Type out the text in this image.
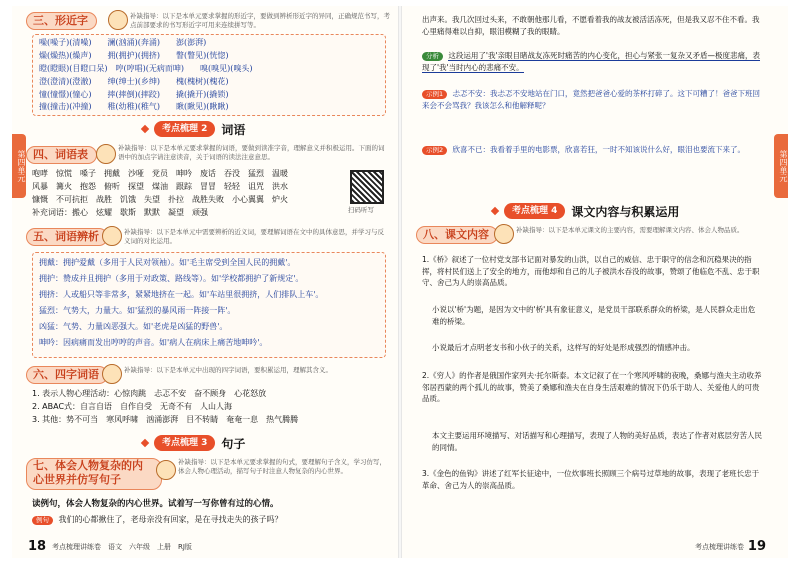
第四单元
三、形近字	补缺指导：以下是本单元要求掌握的形近字，要做到辨析形近字的异同，正确规范书写，考点前部要求的书写形近字可用来连续拼写等。
噪(噪子)(清噪)　　澜(汹涌)(奔涌)　　澎(澎湃)
燥(燥热)(燥声)　　拥(拥护)(拥挤)　　瞥(瞥见)(恍惚)
瞪(瞪眼)(目瞪口呆)　哼(哼唱)(无病而呻)　　嗅(嗅见)(嗅头)
澄(澄清)(澄澈)　　绅(绅士)(乡绅)　　槐(槐树)(槐花)
憧(憧憬)(憧心)　　摔(摔倒)(摔跤)　　撬(撬开)(撬锁)
撞(撞击)(冲撞)　　稚(幼稚)(稚气)　　瞅(瞅见)(瞅瞅)
考点梳理 2	词语
四、词语表	补缺指导：以下是本单元要求掌握的词语，要做到读准字音，理解意义并积极运用。下面的词语中的加点字请注意读音，关于词语的读法注意意思。
咆哮　惊慌　嗓子　拥戴　沙哑　党员　呻吟　废话　吞没　猛烈　温暖
风暴　篝火　抱怨　俯听　探望　煤油　跟踪　冒冒　轻轻　诅咒　洪水
慷慨　不可抗拒　战胜　饥饿　失望　扑拉　战胜失败　小心翼翼　炉火
补充词语：搬心　炫耀　歇斯　默默　凝望　顽强	扫码听写
五、词语辨析	补缺指导：以下是本单元中需要辨析的近义词，要理解词语在文中的具体意思，并学习与反义词的对比运用。
拥戴：拥护爱戴（多用于人民对领袖）。如'毛主席受到全国人民的拥戴'。
拥护：赞成并且拥护（多用于对政策、路线等）。如'学校都拥护了新规定'。
拥挤：人或船只等非常多，紧紧地挤在一起。如'车站里很拥挤，人们排队上车'。
猛烈：气势大，力量大。如'猛烈的暴风雨一阵接一阵'。
凶猛：气势、力量凶恶强大。如'老虎是凶猛的野兽'。
呻吟：因病痛而发出哼哼的声音。如'病人在病床上痛苦地呻吟'。
六、四字词语	补缺指导：以下是本单元中出现的四字词语，要积累运用，理解其含义。
1. 表示人物心理活动：心惊肉跳　忐忑不安　奋不顾身　心花怒放
2. ABAC式：自言自语　自作自受　无奇不有　人山人海
3. 其他：势不可当　寒风呼啸　汹涌澎湃　目不转睛　奄奄一息　热气腾腾
考点梳理 3	句子
七、体会人物复杂的内心世界并仿写句子
补缺指导：以下是本单元要求掌握的句式，要理解句子含义，学习仿写，体会人物心理活动，描写句子时注意人物复杂的内心世界。
读例句，体会人物复杂的内心世界。试着写一写你曾有过的心情。
例句 我们的心都揪住了，老母亲没有回家，是在寻找走失的孩子吗？
18 考点梳理讲练卷　语文　六年级　上册　RJ版
第四单元
出声来。我几次回过头来，不敢朝他那儿看，不愿看着我的战友被活活冻死，但是我又忍不住不看。我心里痛得难以自抑，眼泪模糊了我的眼睛。
分析 这段运用了'我'亲眼目睹战友冻死时痛苦的内心变化，担心与紧张一复杂又矛盾—极度悲痛，表现了'我'当时内心的悲痛不安。
示例1 忐忑不安：我忐忑不安地站在门口，竟然把爸爸心爱的茶杯打碎了。这下可糟了！爸爸下班回来会不会骂我？我该怎么和他解释呢？
示例2 欣喜不已：我看着手里的电影票，欣喜若狂，一时不知该说什么好，眼泪也要流下来了。
考点梳理 4	课文内容与积累运用
八、课文内容	补缺指导：以下是本单元课文的主要内容，需要理解课文内容、体会人物品质。
1.《桥》叙述了一位村党支部书记面对暴发的山洪，以自己的威信、忠于职守的信念和沉稳果决的指挥，将村民们送上了安全的地方，而他却和自己的儿子被洪水吞没的故事，赞颂了他临危不乱、忠于职守、舍己为人的崇高品质。
小说以'桥'为题，是因为文中的'桥'具有象征意义，是党员干部联系群众的桥梁，是人民群众走出危难的桥梁。
小说最后才点明老支书和小伙子的关系，这样写的好处是形成强烈的情感冲击。
2.《穷人》的作者是俄国作家列夫·托尔斯泰。本文记叙了在一个寒风呼啸的夜晚，桑娜与渔夫主动收养邻居西蒙的两个孤儿的故事，赞美了桑娜和渔夫在自身生活艰难的情况下仍乐于助人、关爱他人的可贵品质。
本文主要运用环境描写、对话描写和心理描写，表现了人物的美好品质，表达了作者对底层穷苦人民的同情。
3.《金色的鱼钩》讲述了红军长征途中，一位炊事班长照顾三个病号过草地的故事，表现了老班长忠于革命、舍己为人的崇高品质。
考点梳理讲练卷 19
